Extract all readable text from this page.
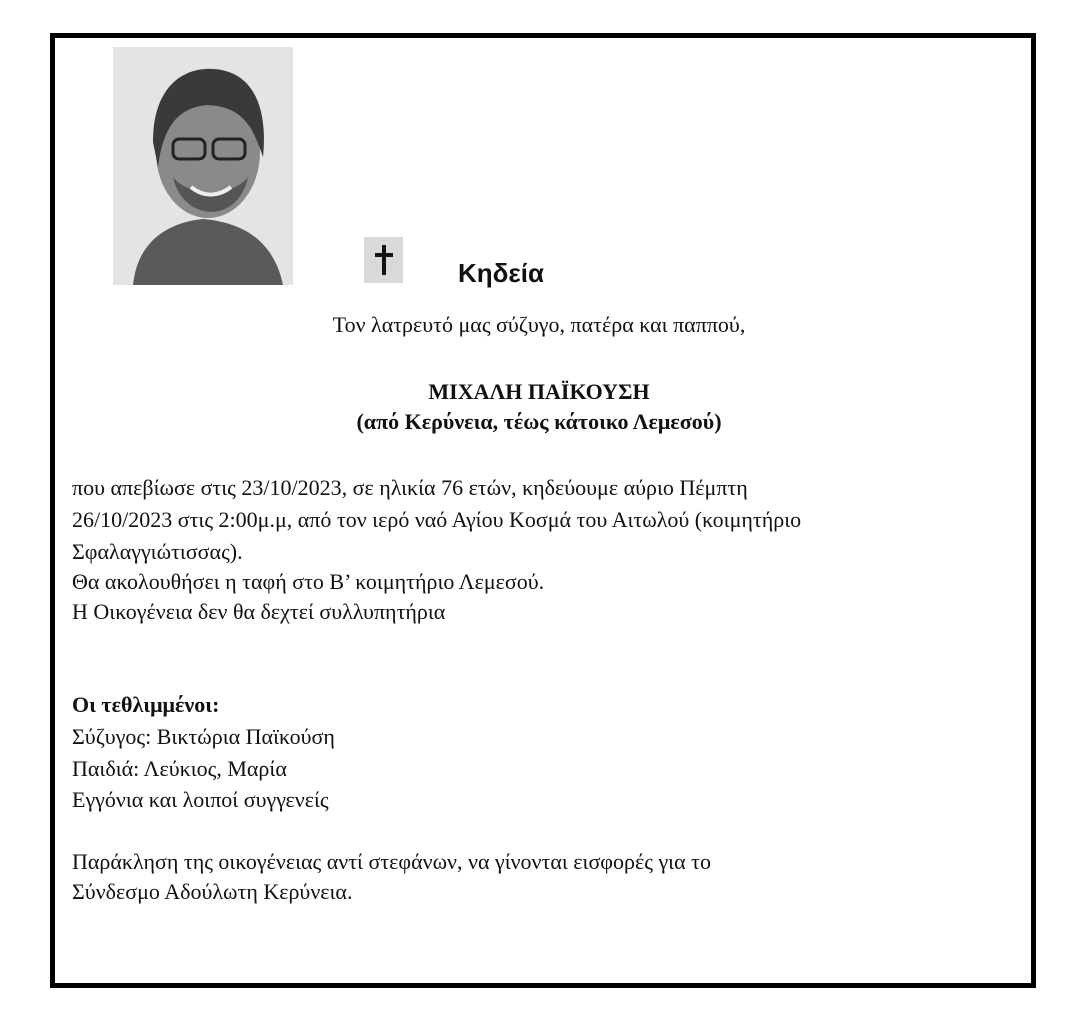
Κηδεία
Τον λατρευτό μας σύζυγο, πατέρα και παππού,
ΜΙΧΑΛΗ ΠΑΪΚΟΥΣΗ
(από Κερύνεια, τέως κάτοικο Λεμεσού)
που απεβίωσε στις 23/10/2023, σε ηλικία 76 ετών, κηδεύουμε αύριο Πέμπτη
26/10/2023 στις 2:00μ.μ, από τον ιερό ναό Αγίου Κοσμά του Αιτωλού (κοιμητήριο
Σφαλαγγιώτισσας).
Θα ακολουθήσει η ταφή στο Β’ κοιμητήριο Λεμεσού.
Η Οικογένεια δεν θα δεχτεί συλλυπητήρια
Οι τεθλιμμένοι:
Σύζυγος: Βικτώρια Παϊκούση
Παιδιά: Λεύκιος, Μαρία
Εγγόνια και λοιποί συγγενείς
Παράκληση της οικογένειας αντί στεφάνων, να γίνονται εισφορές για το
Σύνδεσμο Αδούλωτη Κερύνεια.
